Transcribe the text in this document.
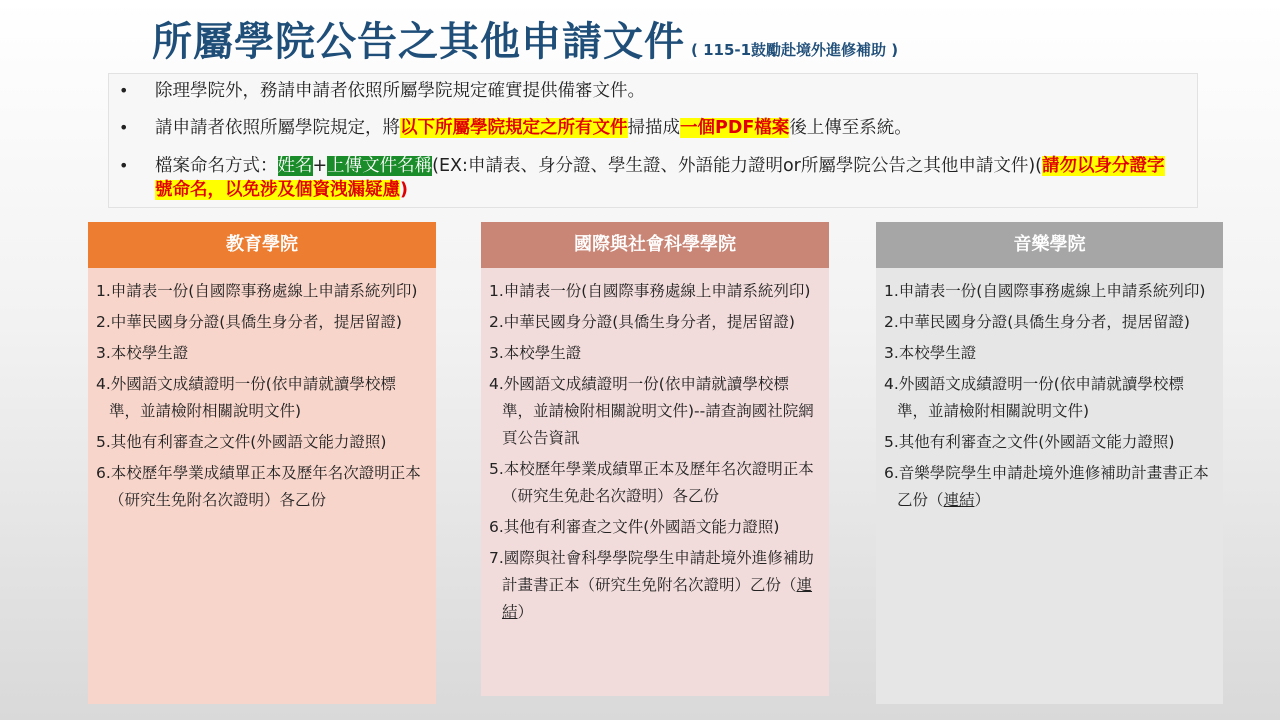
所屬學院公告之其他申請文件 ( 115-1鼓勵赴境外進修補助 )
• 除理學院外，務請申請者依照所屬學院規定確實提供備審文件。
• 請申請者依照所屬學院規定，將以下所屬學院規定之所有文件掃描成一個PDF檔案後上傳至系統。
• 檔案命名方式：姓名+上傳文件名稱(EX:申請表、身分證、學生證、外語能力證明or所屬學院公告之其他申請文件)(請勿以身分證字號命名，以免涉及個資洩漏疑慮)
教育學院
1.申請表一份(自國際事務處線上申請系統列印)
2.中華民國身分證(具僑生身分者，提居留證)
3.本校學生證
4.外國語文成績證明一份(依申請就讀學校標準，並請檢附相關說明文件)
5.其他有利審查之文件(外國語文能力證照)
6.本校歷年學業成績單正本及歷年名次證明正本（研究生免附名次證明）各乙份
國際與社會科學學院
1.申請表一份(自國際事務處線上申請系統列印)
2.中華民國身分證(具僑生身分者，提居留證)
3.本校學生證
4.外國語文成績證明一份(依申請就讀學校標準，並請檢附相關說明文件)--請查詢國社院網頁公告資訊
5.本校歷年學業成績單正本及歷年名次證明正本（研究生免赴名次證明）各乙份
6.其他有利審查之文件(外國語文能力證照)
7.國際與社會科學學院學生申請赴境外進修補助計畫書正本（研究生免附名次證明）乙份（連結）
音樂學院
1.申請表一份(自國際事務處線上申請系統列印)
2.中華民國身分證(具僑生身分者，提居留證)
3.本校學生證
4.外國語文成績證明一份(依申請就讀學校標準，並請檢附相關說明文件)
5.其他有利審查之文件(外國語文能力證照)
6.音樂學院學生申請赴境外進修補助計畫書正本乙份（連結）
